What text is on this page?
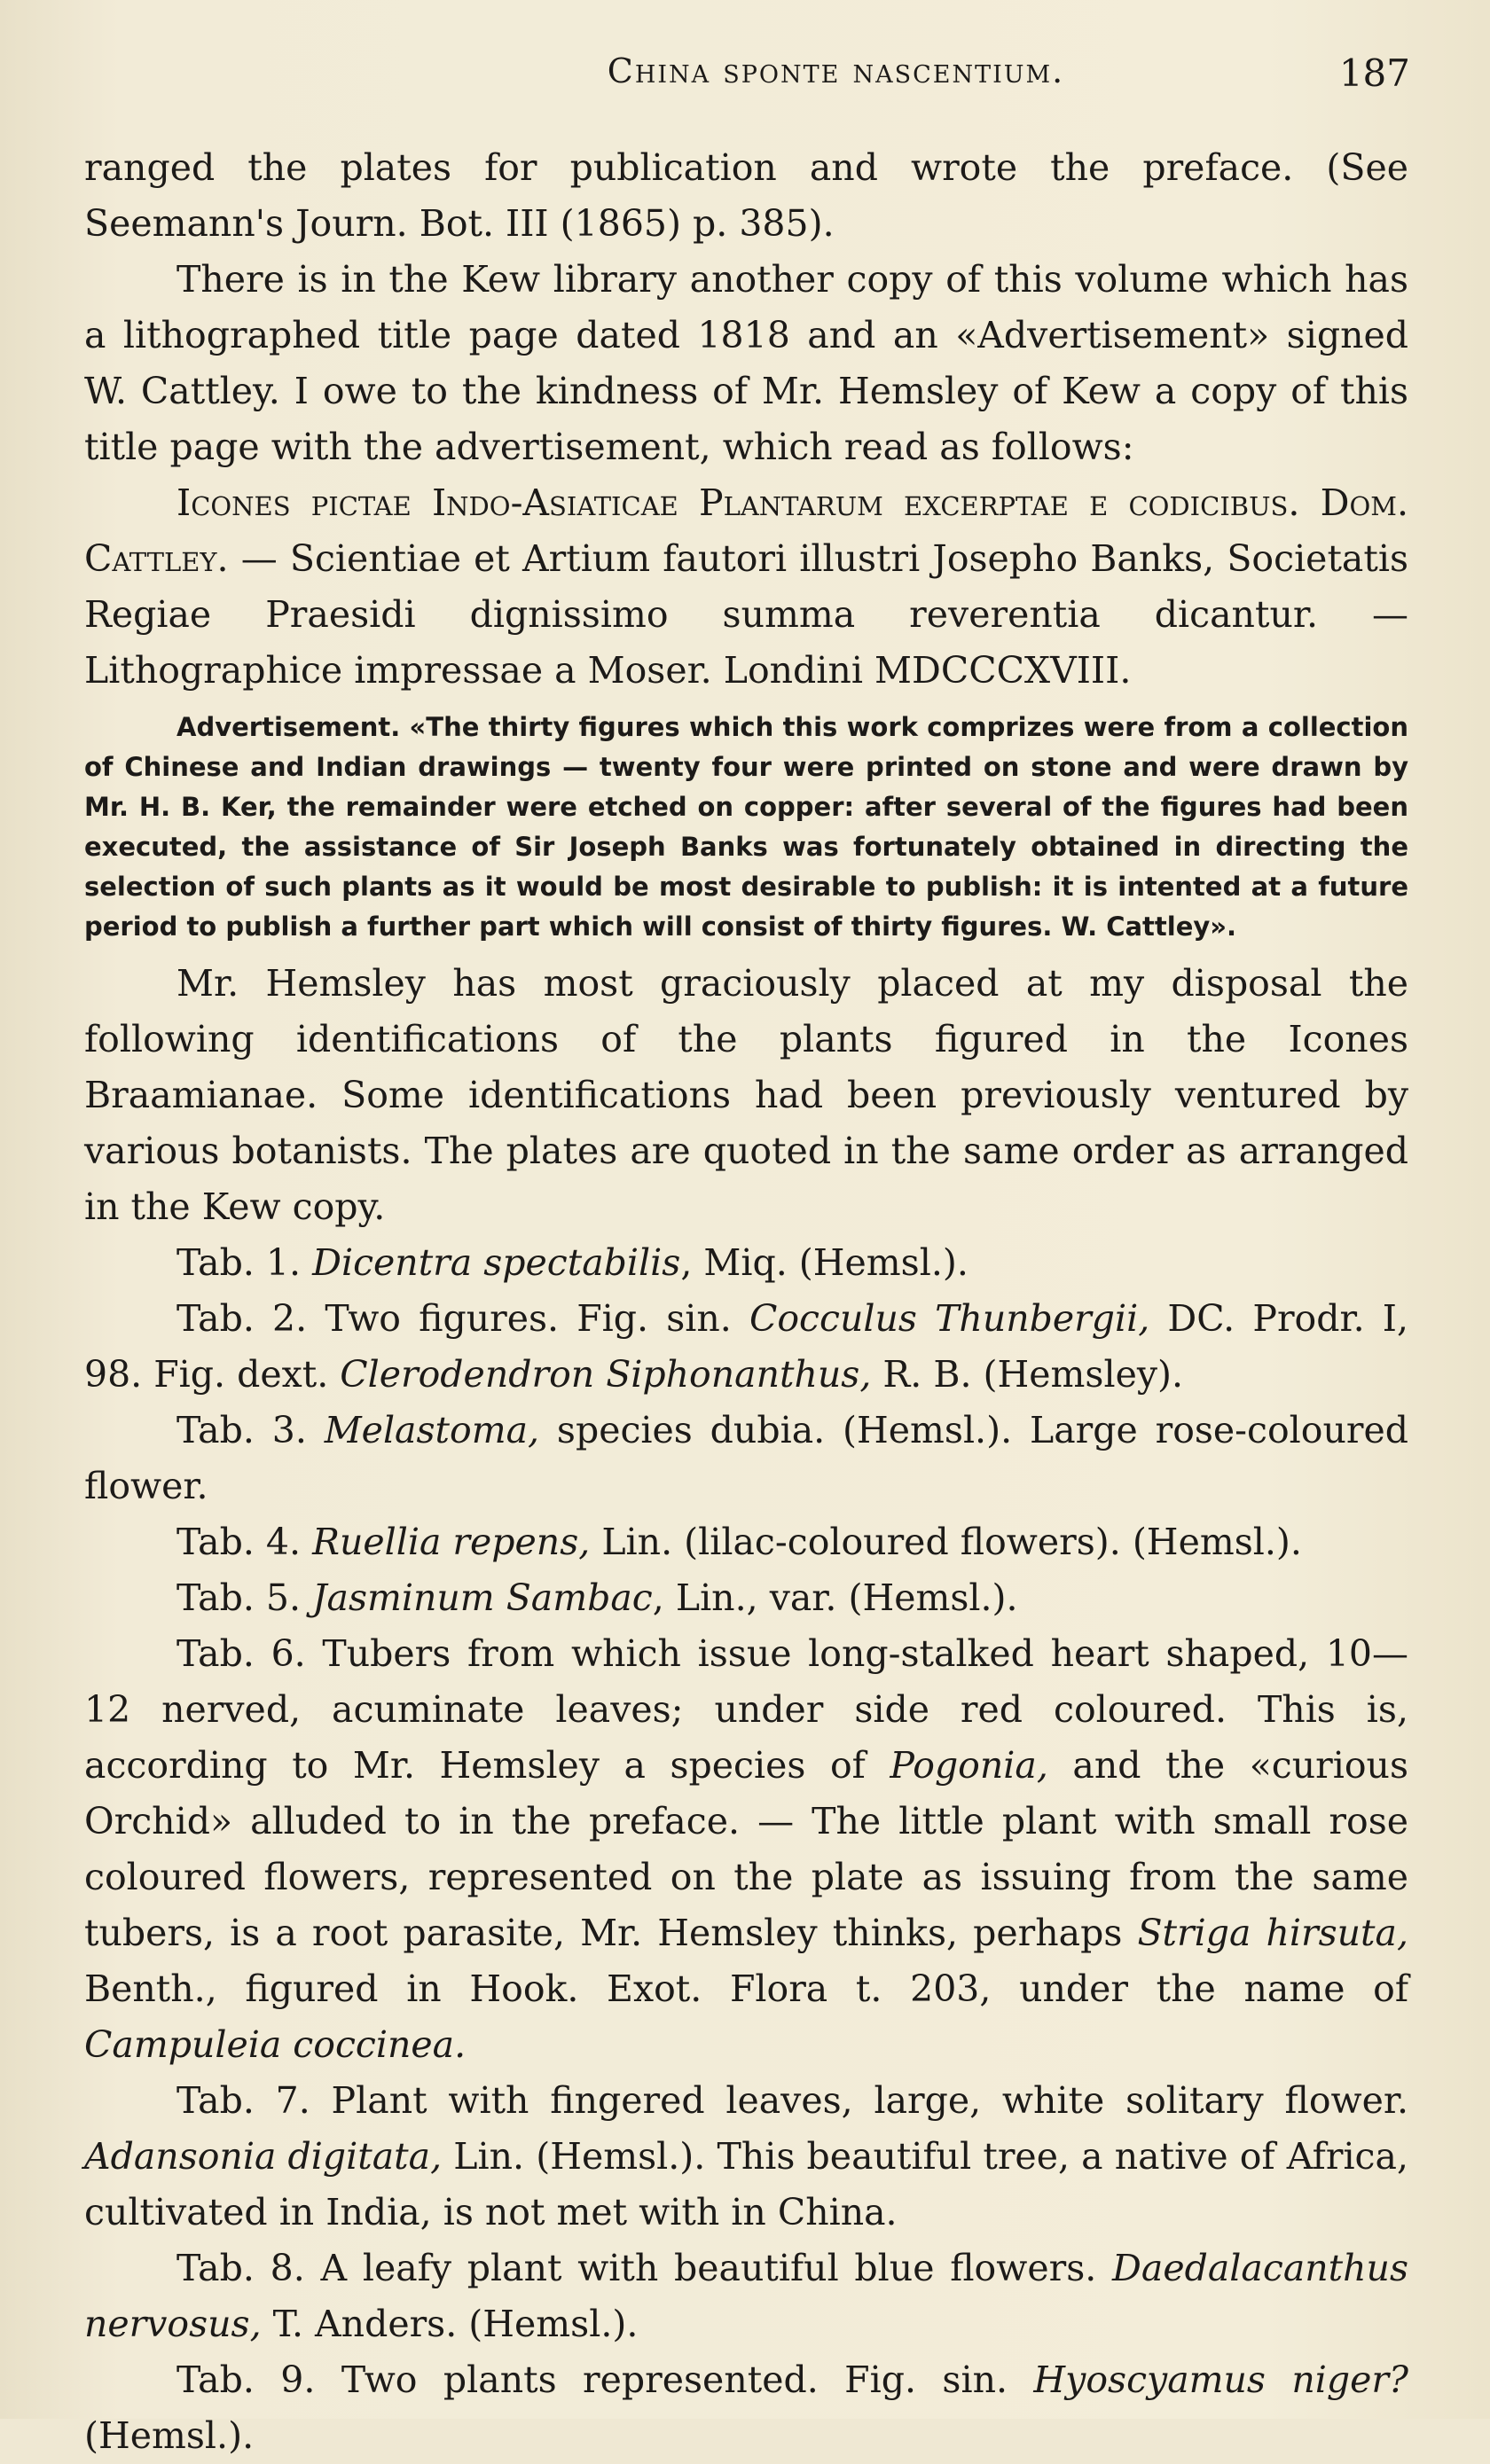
China sponte nascentium.	187

ranged the plates for publication and wrote the preface. (See Seemann's Journ. Bot. III (1865) p. 385).

There is in the Kew library another copy of this volume which has a lithographed title page dated 1818 and an «Advertisement» signed W. Cattley. I owe to the kindness of Mr. Hemsley of Kew a copy of this title page with the advertisement, which read as follows:

Icones pictae Indo-Asiaticae Plantarum excerptae e codicibus. Dom. Cattley. — Scientiae et Artium fautori illustri Josepho Banks, Societatis Regiae Praesidi dignissimo summa reverentia dicantur. — Lithographice impressae a Moser. Londini MDCCCXVIII.

Advertisement. «The thirty figures which this work comprizes were from a collection of Chinese and Indian drawings — twenty four were printed on stone and were drawn by Mr. H. B. Ker, the remainder were etched on copper: after several of the figures had been executed, the assistance of Sir Joseph Banks was fortunately obtained in directing the selection of such plants as it would be most desirable to publish: it is intented at a future period to publish a further part which will consist of thirty figures. W. Cattley».

Mr. Hemsley has most graciously placed at my disposal the following identifications of the plants figured in the Icones Braamianae. Some identifications had been previously ventured by various botanists. The plates are quoted in the same order as arranged in the Kew copy.

Tab. 1. Dicentra spectabilis, Miq. (Hemsl.).

Tab. 2. Two figures. Fig. sin. Cocculus Thunbergii, DC. Prodr. I, 98. Fig. dext. Clerodendron Siphonanthus, R. B. (Hemsley).

Tab. 3. Melastoma, species dubia. (Hemsl.). Large rose-coloured flower.

Tab. 4. Ruellia repens, Lin. (lilac-coloured flowers). (Hemsl.).

Tab. 5. Jasminum Sambac, Lin., var. (Hemsl.).

Tab. 6. Tubers from which issue long-stalked heart shaped, 10—12 nerved, acuminate leaves; under side red coloured. This is, according to Mr. Hemsley a species of Pogonia, and the «curious Orchid» alluded to in the preface. — The little plant with small rose coloured flowers, represented on the plate as issuing from the same tubers, is a root parasite, Mr. Hemsley thinks, perhaps Striga hirsuta, Benth., figured in Hook. Exot. Flora t. 203, under the name of Campuleia coccinea.

Tab. 7. Plant with fingered leaves, large, white solitary flower. Adansonia digitata, Lin. (Hemsl.). This beautiful tree, a native of Africa, cultivated in India, is not met with in China.

Tab. 8. A leafy plant with beautiful blue flowers. Daedalacanthus nervosus, T. Anders. (Hemsl.).

Tab. 9. Two plants represented. Fig. sin. Hyoscyamus niger? (Hemsl.).
